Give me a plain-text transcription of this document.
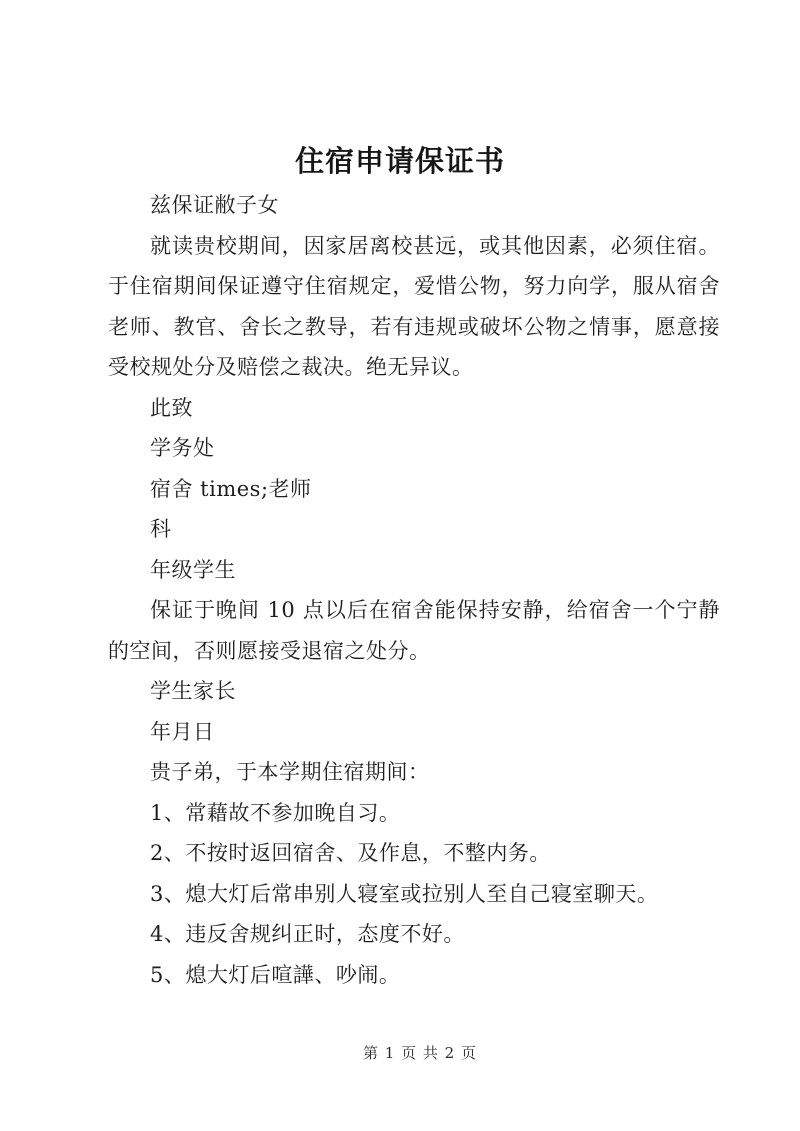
住宿申请保证书

兹保证敝子女

就读贵校期间，因家居离校甚远，或其他因素，必须住宿。于住宿期间保证遵守住宿规定，爱惜公物，努力向学，服从宿舍老师、教官、舍长之教导，若有违规或破坏公物之情事，愿意接受校规处分及赔偿之裁决。绝无异议。

此致

学务处

宿舍 times;老师

科

年级学生

保证于晚间 10 点以后在宿舍能保持安静，给宿舍一个宁静的空间，否则愿接受退宿之处分。

学生家长

年月日

贵子弟，于本学期住宿期间：

1、常藉故不参加晚自习。

2、不按时返回宿舍、及作息，不整内务。

3、熄大灯后常串别人寝室或拉别人至自己寝室聊天。

4、违反舍规纠正时，态度不好。

5、熄大灯后喧譁、吵闹。

第 1 页 共 2 页
